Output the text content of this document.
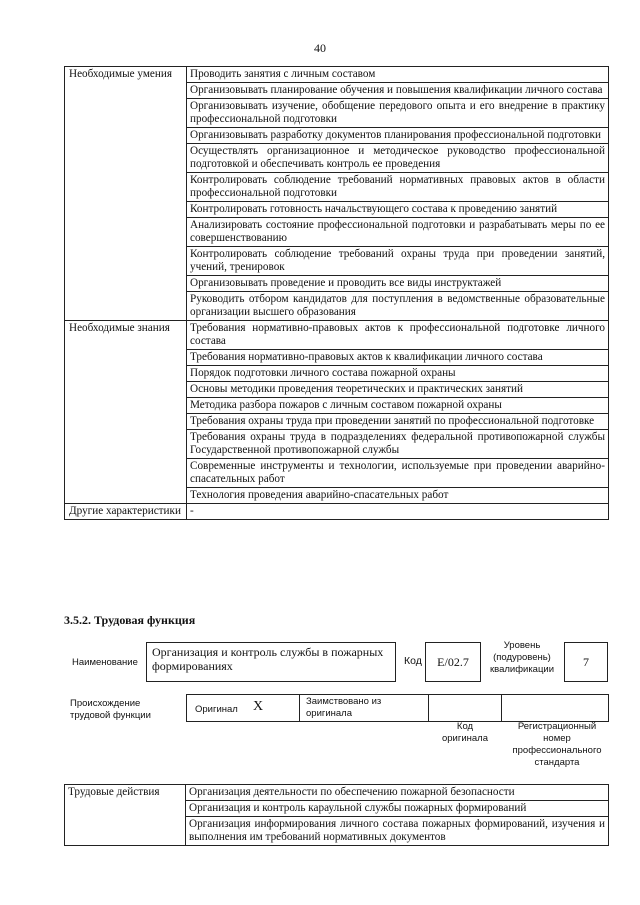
40
Необходимые умения	Проводить занятия с личным составом
	Организовывать планирование обучения и повышения квалификации личного состава
	Организовывать изучение, обобщение передового опыта и его внедрение в практику профессиональной подготовки
	Организовывать разработку документов планирования профессиональной подготовки
	Осуществлять организационное и методическое руководство профессиональной подготовкой и обеспечивать контроль ее проведения
	Контролировать соблюдение требований нормативных правовых актов в области профессиональной подготовки
	Контролировать готовность начальствующего состава к проведению занятий
	Анализировать состояние профессиональной подготовки и разрабатывать меры по ее совершенствованию
	Контролировать соблюдение требований охраны труда при проведении занятий, учений, тренировок
	Организовывать проведение и проводить все виды инструктажей
	Руководить отбором кандидатов для поступления в ведомственные образовательные организации высшего образования
Необходимые знания	Требования нормативно-правовых актов к профессиональной подготовке личного состава
	Требования нормативно-правовых актов к квалификации личного состава
	Порядок подготовки личного состава пожарной охраны
	Основы методики проведения теоретических и практических занятий
	Методика разбора пожаров с личным составом пожарной охраны
	Требования охраны труда при проведении занятий по профессиональной подготовке
	Требования охраны труда в подразделениях федеральной противопожарной службы Государственной противопожарной службы
	Современные инструменты и технологии, используемые при проведении аварийно-спасательных работ
	Технология проведения аварийно-спасательных работ
Другие характеристики	-
3.5.2. Трудовая функция
Наименование
Организация и контроль службы в пожарных формированиях	Код	Е/02.7
Уровень (подуровень) квалификации
7
Происхождение трудовой функции
Оригинал X	Заимствовано из оригинала
Код оригинала
Регистрационный номер профессионального стандарта
Трудовые действия	Организация деятельности по обеспечению пожарной безопасности
Организация и контроль караульной службы пожарных формирований
Организация информирования личного состава пожарных формирований, изучения и выполнения им требований нормативных документов
